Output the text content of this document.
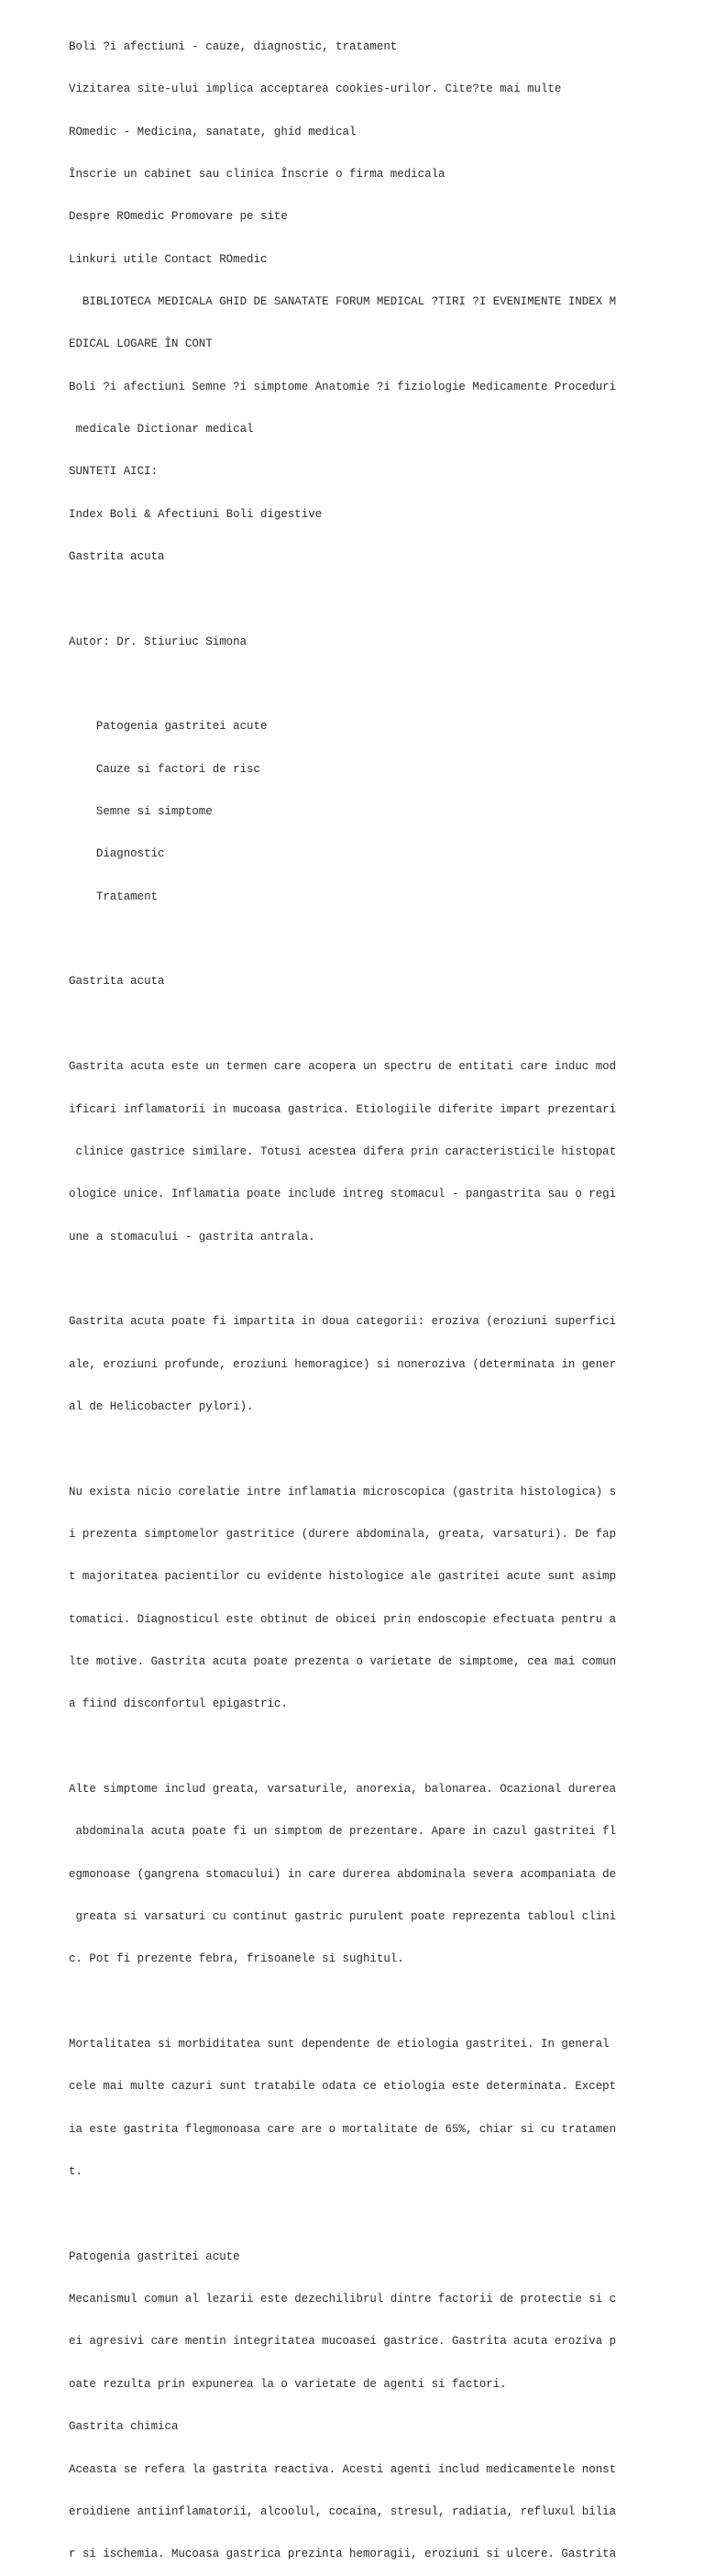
Boli ?i afectiuni - cauze, diagnostic, tratament

Vizitarea site-ului implica acceptarea cookies-urilor. Cite?te mai multe

ROmedic - Medicina, sanatate, ghid medical

Înscrie un cabinet sau clinica Înscrie o firma medicala

Despre ROmedic Promovare pe site

Linkuri utile Contact ROmedic

BIBLIOTECA MEDICALA GHID DE SANATATE FORUM MEDICAL ?TIRI ?I EVENIMENTE INDEX M

EDICAL LOGARE ÎN CONT

Boli ?i afectiuni Semne ?i simptome Anatomie ?i fiziologie Medicamente Proceduri

medicale Dictionar medical

SUNTETI AICI:

Index Boli & Afectiuni Boli digestive

Gastrita acuta

Autor: Dr. Stiuriuc Simona

Patogenia gastritei acute

Cauze si factori de risc

Semne si simptome

Diagnostic

Tratament

Gastrita acuta

Gastrita acuta este un termen care acopera un spectru de entitati care induc mod

ificari inflamatorii in mucoasa gastrica. Etiologiile diferite impart prezentari

clinice gastrice similare. Totusi acestea difera prin caracteristicile histopat

ologice unice. Inflamatia poate include intreg stomacul - pangastrita sau o regi

une a stomacului - gastrita antrala.

Gastrita acuta poate fi impartita in doua categorii: eroziva (eroziuni superfici

ale, eroziuni profunde, eroziuni hemoragice) si noneroziva (determinata in gener

al de Helicobacter pylori).

Nu exista nicio corelatie intre inflamatia microscopica (gastrita histologica) s

i prezenta simptomelor gastritice (durere abdominala, greata, varsaturi). De fap

t majoritatea pacientilor cu evidente histologice ale gastritei acute sunt asimp

tomatici. Diagnosticul este obtinut de obicei prin endoscopie efectuata pentru a

lte motive. Gastrita acuta poate prezenta o varietate de simptome, cea mai comun

a fiind disconfortul epigastric.

Alte simptome includ greata, varsaturile, anorexia, balonarea. Ocazional durerea

abdominala acuta poate fi un simptom de prezentare. Apare in cazul gastritei fl

egmonoase (gangrena stomacului) in care durerea abdominala severa acompaniata de

greata si varsaturi cu continut gastric purulent poate reprezenta tabloul clini

c. Pot fi prezente febra, frisoanele si sughitul.

Mortalitatea si morbiditatea sunt dependente de etiologia gastritei. In general

cele mai multe cazuri sunt tratabile odata ce etiologia este determinata. Except

ia este gastrita flegmonoasa care are o mortalitate de 65%, chiar si cu tratamen

t.

Patogenia gastritei acute

Mecanismul comun al lezarii este dezechilibrul dintre factorii de protectie si c

ei agresivi care mentin integritatea mucoasei gastrice. Gastrita acuta eroziva p

oate rezulta prin expunerea la o varietate de agenti si factori.

Gastrita chimica

Aceasta se refera la gastrita reactiva. Acesti agenti includ medicamentele nonst

eroidiene antiinflamatorii, alcoolul, cocaina, stresul, radiatia, refluxul bilia

r si ischemia. Mucoasa gastrica prezinta hemoragii, eroziuni si ulcere. Gastrita
